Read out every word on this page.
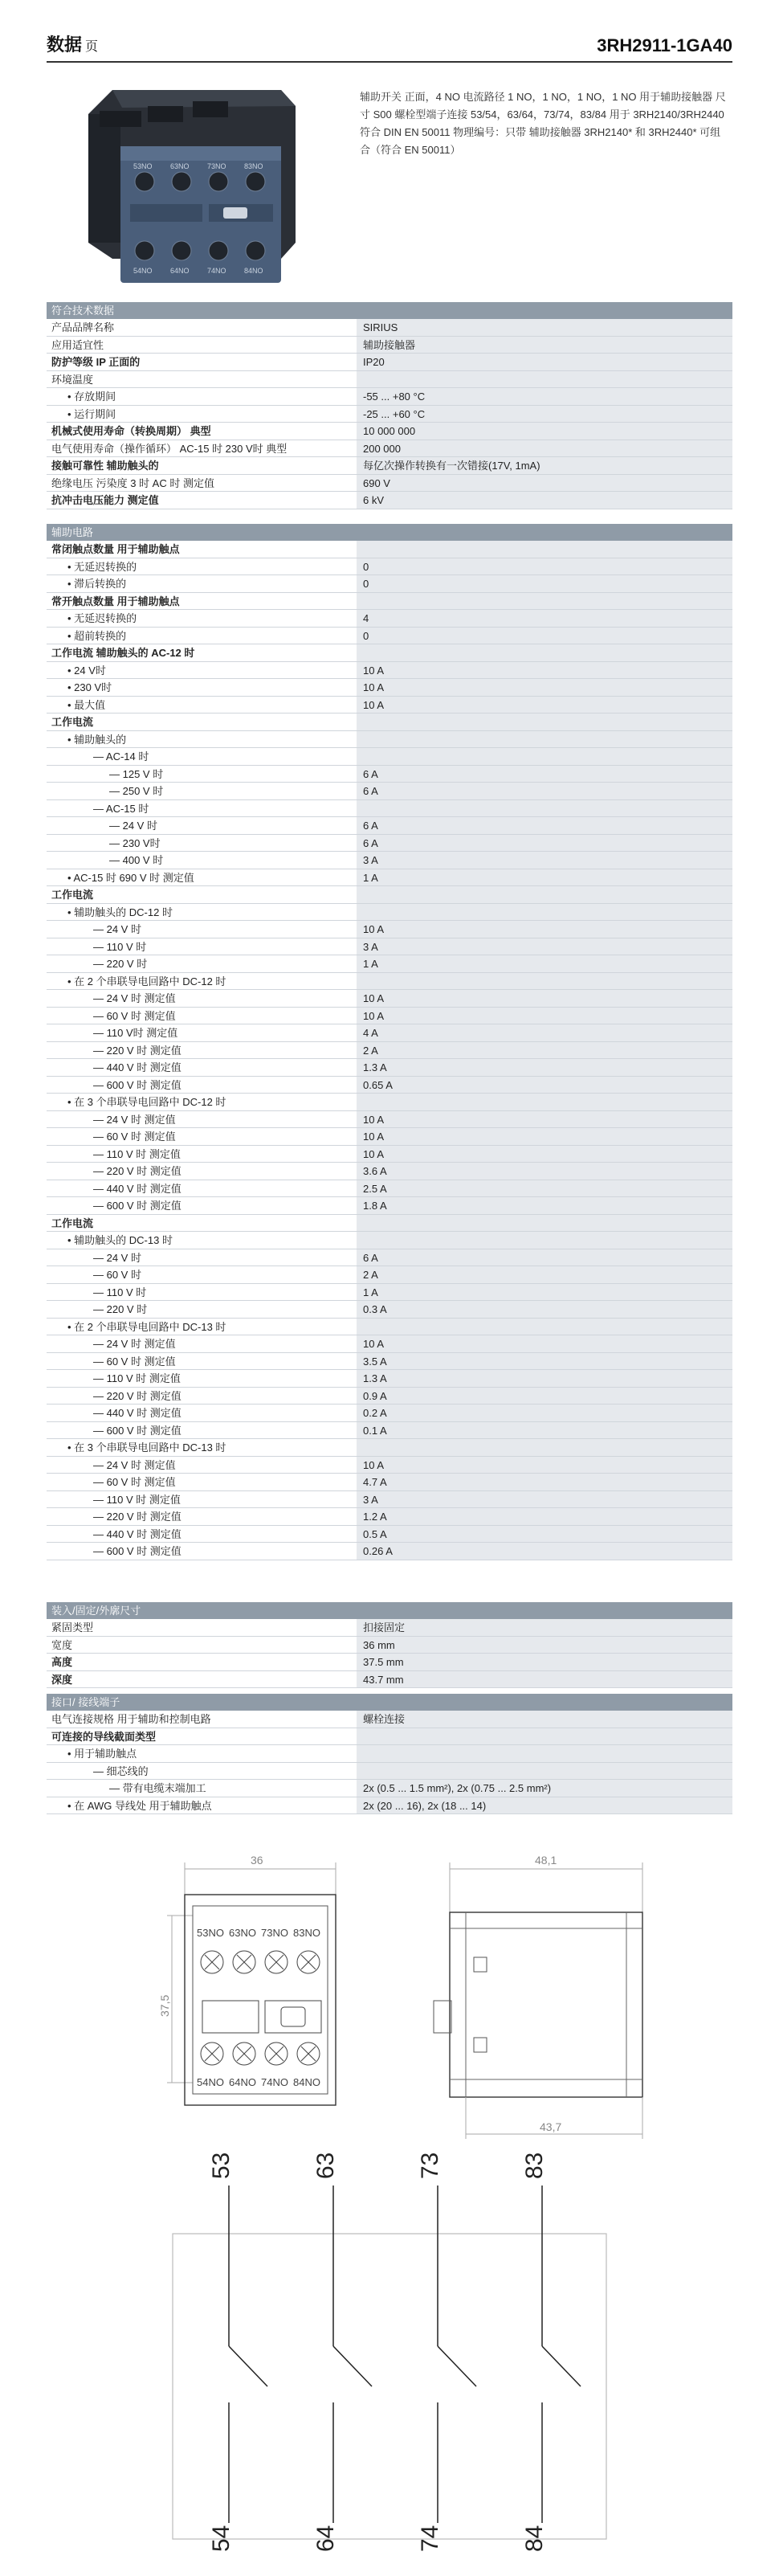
数据 页	3RH2911-1GA40
53NO 63NO 73NO 83NO
54NO 64NO 74NO 84NO
辅助开关 正面，4 NO 电流路径 1 NO，1 NO，1 NO，1 NO 用于辅助接触器 尺寸 S00 螺栓型端子连接 53/54，63/64，73/74，83/84 用于 3RH2140/3RH2440 符合 DIN EN 50011 物理编号：只带 辅助接触器 3RH2140* 和 3RH2440* 可组合（符合 EN 50011）
符合技术数据
产品品牌名称	SIRIUS
应用适宜性	辅助接触器
防护等级 IP 正面的	IP20
环境温度
• 存放期间	-55 ... +80 °C
• 运行期间	-25 ... +60 °C
机械式使用寿命（转换周期） 典型	10 000 000
电气使用寿命（操作循环） AC-15 时 230 V时 典型	200 000
接触可靠性 辅助触头的	每亿次操作转换有一次错接(17V, 1mA)
绝缘电压 污染度 3 时 AC 时 测定值	690 V
抗冲击电压能力 测定值	6 kV
辅助电路
常闭触点数量 用于辅助触点
• 无延迟转换的	0
• 滞后转换的	0
常开触点数量 用于辅助触点
• 无延迟转换的	4
• 超前转换的	0
工作电流 辅助触头的 AC-12 时
• 24 V时	10 A
• 230 V时	10 A
• 最大值	10 A
工作电流
• 辅助触头的
— AC-14 时
— 125 V 时	6 A
— 250 V 时	6 A
— AC-15 时
— 24 V 时	6 A
— 230 V时	6 A
— 400 V 时	3 A
• AC-15 时 690 V 时 测定值	1 A
工作电流
• 辅助触头的 DC-12 时
— 24 V 时	10 A
— 110 V 时	3 A
— 220 V 时	1 A
• 在 2 个串联导电回路中 DC-12 时
— 24 V 时 测定值	10 A
— 60 V 时 测定值	10 A
— 110 V时 测定值	4 A
— 220 V 时 测定值	2 A
— 440 V 时 测定值	1.3 A
— 600 V 时 测定值	0.65 A
• 在 3 个串联导电回路中 DC-12 时
— 24 V 时 测定值	10 A
— 60 V 时 测定值	10 A
— 110 V 时 测定值	10 A
— 220 V 时 测定值	3.6 A
— 440 V 时 测定值	2.5 A
— 600 V 时 测定值	1.8 A
工作电流
• 辅助触头的 DC-13 时
— 24 V 时	6 A
— 60 V 时	2 A
— 110 V 时	1 A
— 220 V 时	0.3 A
• 在 2 个串联导电回路中 DC-13 时
— 24 V 时 测定值	10 A
— 60 V 时 测定值	3.5 A
— 110 V 时 测定值	1.3 A
— 220 V 时 测定值	0.9 A
— 440 V 时 测定值	0.2 A
— 600 V 时 测定值	0.1 A
• 在 3 个串联导电回路中 DC-13 时
— 24 V 时 测定值	10 A
— 60 V 时 测定值	4.7 A
— 110 V 时 测定值	3 A
— 220 V 时 测定值	1.2 A
— 440 V 时 测定值	0.5 A
— 600 V 时 测定值	0.26 A
装入/固定/外廓尺寸
紧固类型	扣接固定
宽度	36 mm
高度	37.5 mm
深度	43.7 mm
接口/ 接线端子
电气连接规格 用于辅助和控制电路	螺栓连接
可连接的导线截面类型
• 用于辅助触点
— 细芯线的
— 带有电缆末端加工	2x (0.5 ... 1.5 mm²), 2x (0.75 ... 2.5 mm²)
• 在 AWG 导线处 用于辅助触点	2x (20 ... 16), 2x (18 ... 14)
36
37,5
53NO 63NO 73NO 83NO
54NO 64NO 74NO 84NO
48,1
43,7
53
54
63
64
73
74
83
84
